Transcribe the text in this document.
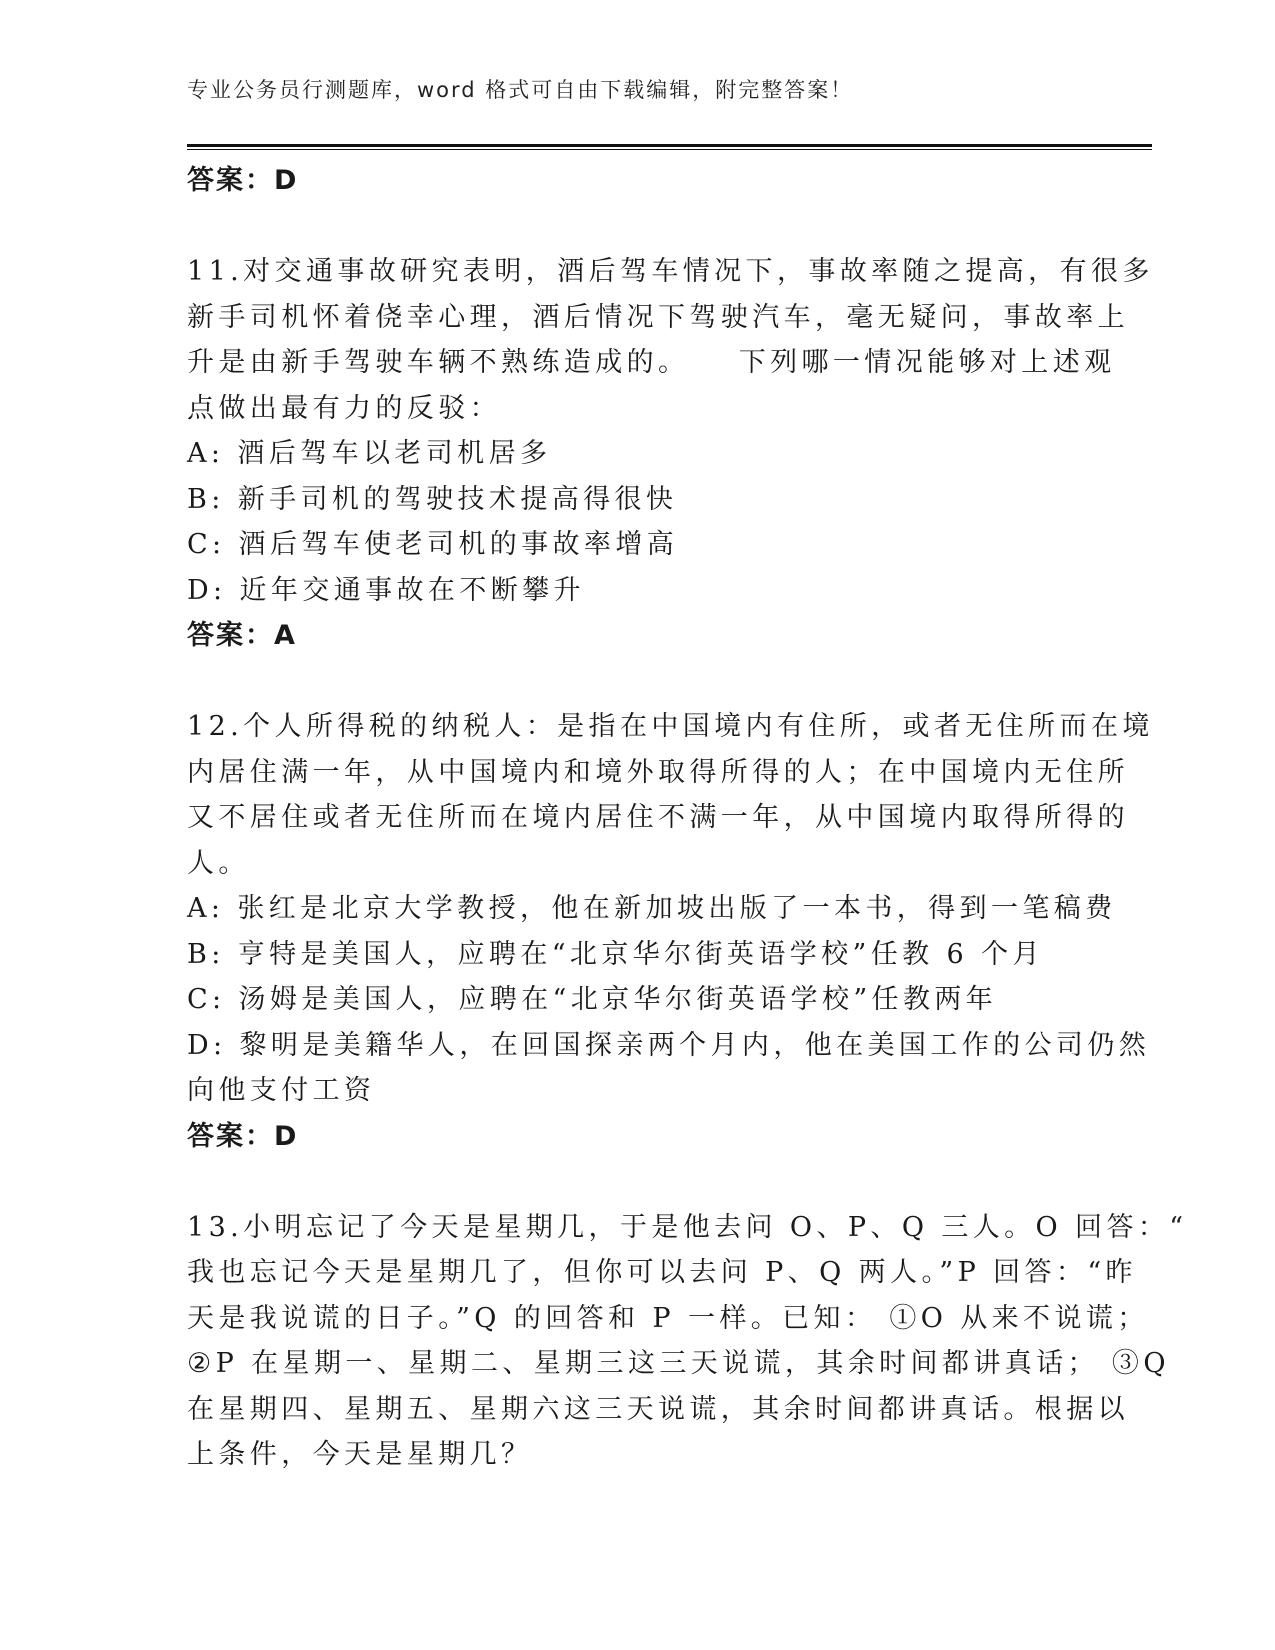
专业公务员行测题库，word 格式可自由下载编辑，附完整答案！
答案：D
11.对交通事故研究表明，酒后驾车情况下，事故率随之提高，有很多
新手司机怀着侥幸心理，酒后情况下驾驶汽车，毫无疑问，事故率上
升是由新手驾驶车辆不熟练造成的。　　下列哪一情况能够对上述观
点做出最有力的反驳：
A: 酒后驾车以老司机居多
B: 新手司机的驾驶技术提高得很快
C: 酒后驾车使老司机的事故率增高
D: 近年交通事故在不断攀升
答案：A
12.个人所得税的纳税人：是指在中国境内有住所，或者无住所而在境
内居住满一年，从中国境内和境外取得所得的人；在中国境内无住所
又不居住或者无住所而在境内居住不满一年，从中国境内取得所得的
人。
A: 张红是北京大学教授，他在新加坡出版了一本书，得到一笔稿费
B: 亨特是美国人，应聘在“北京华尔街英语学校”任教 6 个月
C: 汤姆是美国人，应聘在“北京华尔街英语学校”任教两年
D: 黎明是美籍华人，在回国探亲两个月内，他在美国工作的公司仍然
向他支付工资
答案：D
13.小明忘记了今天是星期几，于是他去问 O、P、Q 三人。O 回答：“
我也忘记今天是星期几了，但你可以去问 P、Q 两人。”P 回答：“昨
天是我说谎的日子。”Q 的回答和 P 一样。已知： ①O 从来不说谎；
②P 在星期一、星期二、星期三这三天说谎，其余时间都讲真话； ③Q
在星期四、星期五、星期六这三天说谎，其余时间都讲真话。根据以
上条件，今天是星期几？
